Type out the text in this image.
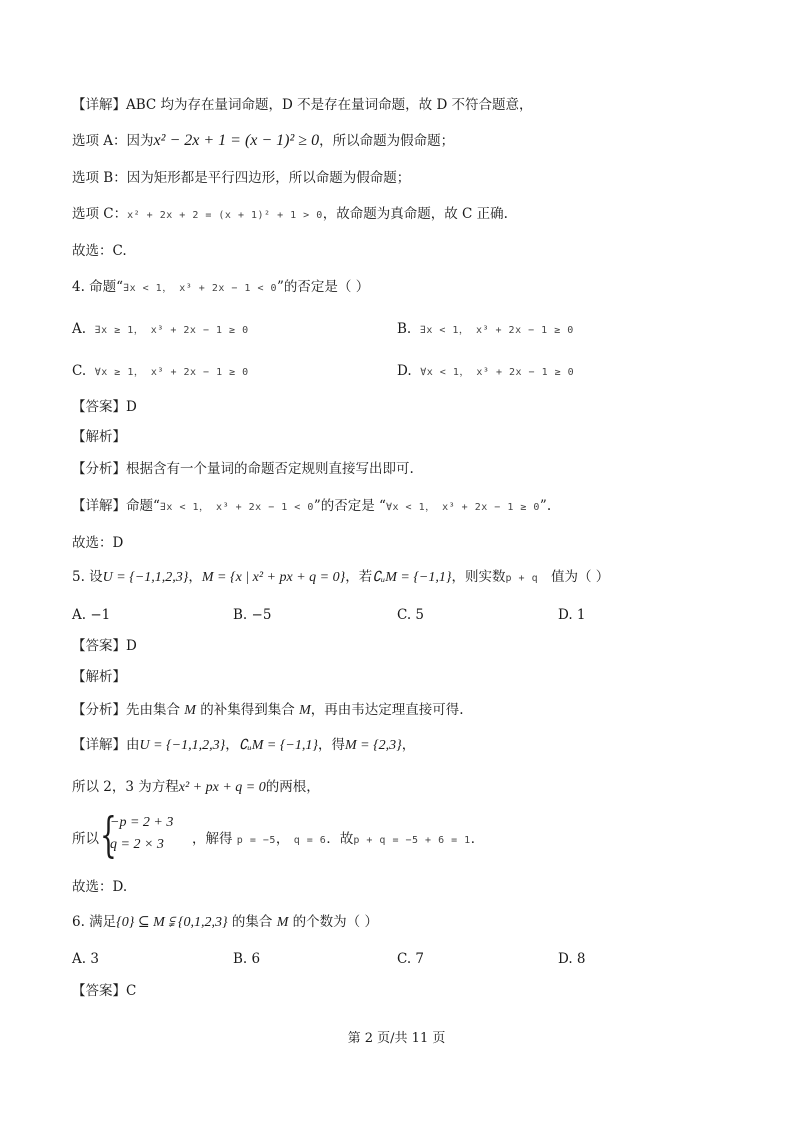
【详解】ABC 均为存在量词命题，D 不是存在量词命题，故 D 不符合题意，
选项 A：因为x² − 2x + 1 = (x − 1)² ≥ 0，所以命题为假命题；
选项 B：因为矩形都是平行四边形，所以命题为假命题；
选项 C：x² + 2x + 2 = (x + 1)² + 1 > 0，故命题为真命题，故 C 正确.
故选：C.
4. 命题“∃x < 1， x³ + 2x − 1 < 0”的否定是（ ）
A. ∃x ≥ 1， x³ + 2x − 1 ≥ 0	B. ∃x < 1， x³ + 2x − 1 ≥ 0
C. ∀x ≥ 1， x³ + 2x − 1 ≥ 0	D. ∀x < 1， x³ + 2x − 1 ≥ 0
【答案】D
【解析】
【分析】根据含有一个量词的命题否定规则直接写出即可.
【详解】命题“∃x < 1， x³ + 2x − 1 < 0”的否定是 “∀x < 1， x³ + 2x − 1 ≥ 0”.
故选：D
5. 设U = {−1,1,2,3}，M = {x | x² + px + q = 0}，若∁ᵤM = {−1,1}，则实数p + q 值为（ ）
A. −1	B. −5	C. 5	D. 1
【答案】D
【解析】
【分析】先由集合 M 的补集得到集合 M，再由韦达定理直接可得.
【详解】由U = {−1,1,2,3}，∁ᵤM = {−1,1}，得M = {2,3}，
所以 2，3 为方程x² + px + q = 0的两根，
所以 {
−p = 2 + 3
q = 2 × 3 ，解得 p = −5， q = 6．故p + q = −5 + 6 = 1．
故选：D.
6. 满足{0} ⊆ M ⫋ {0,1,2,3} 的集合 M 的个数为（ ）
A. 3	B. 6	C. 7	D. 8
【答案】C
第 2 页/共 11 页
